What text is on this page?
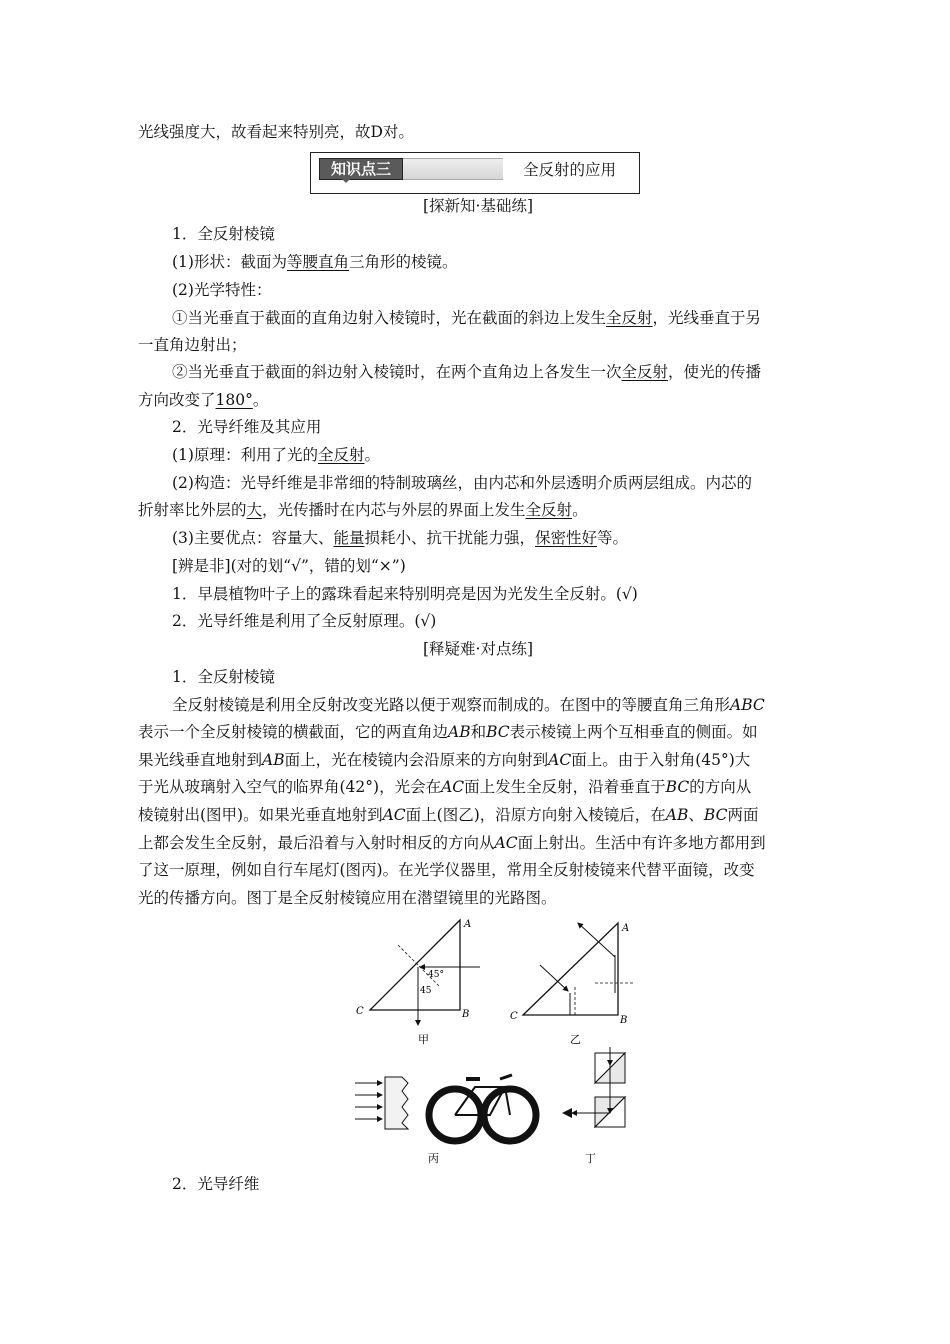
光线强度大，故看起来特别亮，故D对。
知识点三	全反射的应用
[探新知·基础练]
1．全反射棱镜
(1)形状：截面为等腰直角三角形的棱镜。
(2)光学特性：
①当光垂直于截面的直角边射入棱镜时，光在截面的斜边上发生全反射，光线垂直于另
一直角边射出；
②当光垂直于截面的斜边射入棱镜时，在两个直角边上各发生一次全反射，使光的传播
方向改变了180°。
2．光导纤维及其应用
(1)原理：利用了光的全反射。
(2)构造：光导纤维是非常细的特制玻璃丝，由内芯和外层透明介质两层组成。内芯的
折射率比外层的大，光传播时在内芯与外层的界面上发生全反射。
(3)主要优点：容量大、能量损耗小、抗干扰能力强，保密性好等。
[辨是非](对的划“√”，错的划“×”)
1．早晨植物叶子上的露珠看起来特别明亮是因为光发生全反射。(√)
2．光导纤维是利用了全反射原理。(√)
[释疑难·对点练]
1．全反射棱镜
全反射棱镜是利用全反射改变光路以便于观察而制成的。在图中的等腰直角三角形ABC
表示一个全反射棱镜的横截面，它的两直角边AB和BC表示棱镜上两个互相垂直的侧面。如
果光线垂直地射到AB面上，光在棱镜内会沿原来的方向射到AC面上。由于入射角(45°)大
于光从玻璃射入空气的临界角(42°)，光会在AC面上发生全反射，沿着垂直于BC的方向从
棱镜射出(图甲)。如果光垂直地射到AC面上(图乙)，沿原方向射入棱镜后，在AB、BC两面
上都会发生全反射，最后沿着与入射时相反的方向从AC面上射出。生活中有许多地方都用到
了这一原理，例如自行车尾灯(图丙)。在光学仪器里，常用全反射棱镜来代替平面镜，改变
光的传播方向。图丁是全反射棱镜应用在潜望镜里的光路图。
A
B
C
45°
45
甲
A
B
C
乙
丙	丁
2．光导纤维
